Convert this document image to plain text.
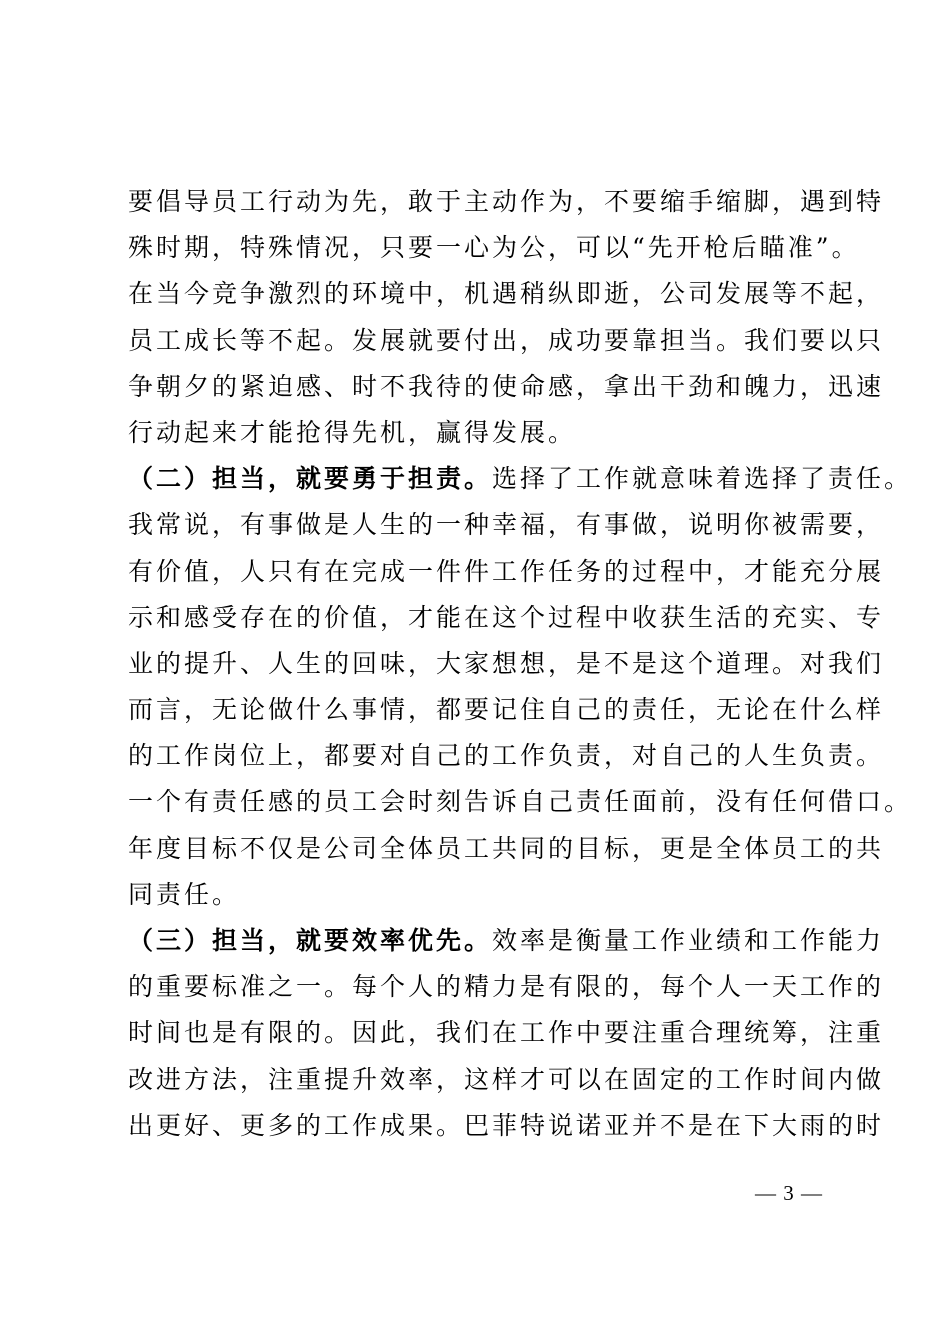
要倡导员工行动为先，敢于主动作为，不要缩手缩脚，遇到特
殊时期，特殊情况，只要一心为公，可以“先开枪后瞄准”。
在当今竞争激烈的环境中，机遇稍纵即逝，公司发展等不起，
员工成长等不起。发展就要付出，成功要靠担当。我们要以只
争朝夕的紧迫感、时不我待的使命感，拿出干劲和魄力，迅速
行动起来才能抢得先机，赢得发展。
（二）担当，就要勇于担责。选择了工作就意味着选择了责任。
我常说，有事做是人生的一种幸福，有事做，说明你被需要，
有价值，人只有在完成一件件工作任务的过程中，才能充分展
示和感受存在的价值，才能在这个过程中收获生活的充实、专
业的提升、人生的回味，大家想想，是不是这个道理。对我们
而言，无论做什么事情，都要记住自己的责任，无论在什么样
的工作岗位上，都要对自己的工作负责，对自己的人生负责。
一个有责任感的员工会时刻告诉自己责任面前，没有任何借口。
年度目标不仅是公司全体员工共同的目标，更是全体员工的共
同责任。
（三）担当，就要效率优先。效率是衡量工作业绩和工作能力
的重要标准之一。每个人的精力是有限的，每个人一天工作的
时间也是有限的。因此，我们在工作中要注重合理统筹，注重
改进方法，注重提升效率，这样才可以在固定的工作时间内做
出更好、更多的工作成果。巴菲特说诺亚并不是在下大雨的时
— 3 —
